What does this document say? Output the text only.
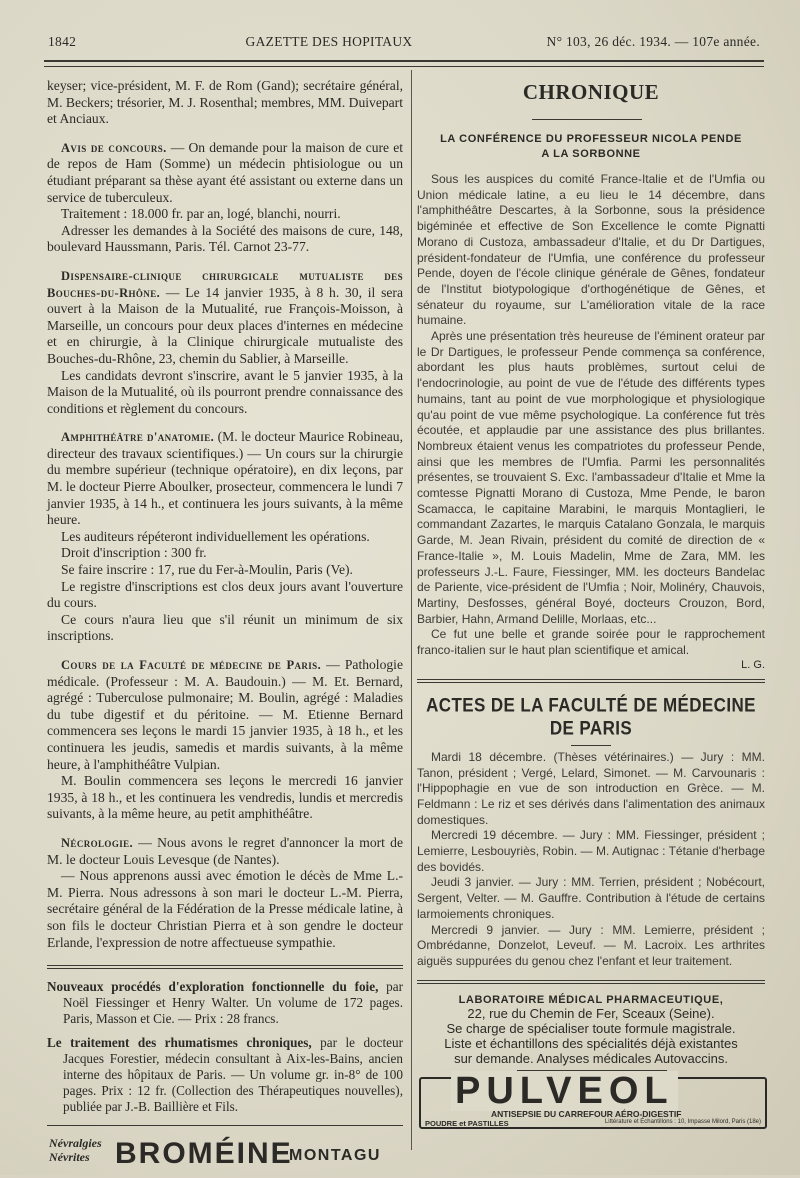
1842	GAZETTE DES HOPITAUX	N° 103, 26 déc. 1934. — 107e année.

keyser; vice-président, M. F. de Rom (Gand); secrétaire général, M. Beckers; trésorier, M. J. Rosenthal; membres, MM. Duivepart et Anciaux.

Avis de concours. — On demande pour la maison de cure et de repos de Ham (Somme) un médecin phtisiologue ou un étudiant préparant sa thèse ayant été assistant ou externe dans un service de tuberculeux.

Traitement : 18.000 fr. par an, logé, blanchi, nourri.

Adresser les demandes à la Société des maisons de cure, 148, boulevard Haussmann, Paris. Tél. Carnot 23-77.

Dispensaire-clinique chirurgicale mutualiste des Bouches-du-Rhône. — Le 14 janvier 1935, à 8 h. 30, il sera ouvert à la Maison de la Mutualité, rue François-Moisson, à Marseille, un concours pour deux places d'internes en médecine et en chirurgie, à la Clinique chirurgicale mutualiste des Bouches-du-Rhône, 23, chemin du Sablier, à Marseille.

Les candidats devront s'inscrire, avant le 5 janvier 1935, à la Maison de la Mutualité, où ils pourront prendre connaissance des conditions et règlement du concours.

Amphithéâtre d'anatomie. (M. le docteur Maurice Robineau, directeur des travaux scientifiques.) — Un cours sur la chirurgie du membre supérieur (technique opératoire), en dix leçons, par M. le docteur Pierre Aboulker, prosecteur, commencera le lundi 7 janvier 1935, à 14 h., et continuera les jours suivants, à la même heure.

Les auditeurs répéteront individuellement les opérations.

Droit d'inscription : 300 fr.

Se faire inscrire : 17, rue du Fer-à-Moulin, Paris (Ve).

Le registre d'inscriptions est clos deux jours avant l'ouverture du cours.

Ce cours n'aura lieu que s'il réunit un minimum de six inscriptions.

Cours de la Faculté de médecine de Paris. — Pathologie médicale. (Professeur : M. A. Baudouin.) — M. Et. Bernard, agrégé : Tuberculose pulmonaire; M. Boulin, agrégé : Maladies du tube digestif et du péritoine. — M. Etienne Bernard commencera ses leçons le mardi 15 janvier 1935, à 18 h., et les continuera les jeudis, samedis et mardis suivants, à la même heure, à l'amphithéâtre Vulpian.

M. Boulin commencera ses leçons le mercredi 16 janvier 1935, à 18 h., et les continuera les vendredis, lundis et mercredis suivants, à la même heure, au petit amphithéâtre.

Nécrologie. — Nous avons le regret d'annoncer la mort de M. le docteur Louis Levesque (de Nantes).

— Nous apprenons aussi avec émotion le décès de Mme L.-M. Pierra. Nous adressons à son mari le docteur L.-M. Pierra, secrétaire général de la Fédération de la Presse médicale latine, à son fils le docteur Christian Pierra et à son gendre le docteur Erlande, l'expression de notre affectueuse sympathie.

Nouveaux procédés d'exploration fonctionnelle du foie, par Noël Fiessinger et Henry Walter. Un volume de 172 pages. Paris, Masson et Cie. — Prix : 28 francs.

Le traitement des rhumatismes chroniques, par le docteur Jacques Forestier, médecin consultant à Aix-les-Bains, ancien interne des hôpitaux de Paris. — Un volume gr. in-8° de 100 pages. Prix : 12 fr. (Collection des Thérapeutiques nouvelles), publiée par J.-B. Baillière et Fils.

Névralgies
Névrites BROMÉINE
MONTAGU
CHRONIQUE
LA CONFÉRENCE DU PROFESSEUR NICOLA PENDE
A LA SORBONNE

Sous les auspices du comité France-Italie et de l'Umfia ou Union médicale latine, a eu lieu le 14 décembre, dans l'amphithéâtre Descartes, à la Sorbonne, sous la présidence bigéminée et effective de Son Excellence le comte Pignatti Morano di Custoza, ambassadeur d'Italie, et du Dr Dartigues, président-fondateur de l'Umfia, une conférence du professeur Pende, doyen de l'école clinique générale de Gênes, fondateur de l'Institut biotypologique d'orthogénétique de Gênes, et sénateur du royaume, sur L'amélioration vitale de la race humaine.

Après une présentation très heureuse de l'éminent orateur par le Dr Dartigues, le professeur Pende commença sa conférence, abordant les plus hauts problèmes, surtout celui de l'endocrinologie, au point de vue de l'étude des différents types humains, tant au point de vue morphologique et physiologique qu'au point de vue même psychologique. La conférence fut très écoutée, et applaudie par une assistance des plus brillantes. Nombreux étaient venus les compatriotes du professeur Pende, ainsi que les membres de l'Umfia. Parmi les personnalités présentes, se trouvaient S. Exc. l'ambassadeur d'Italie et Mme la comtesse Pignatti Morano di Custoza, Mme Pende, le baron Scamacca, le capitaine Marabini, le marquis Montaglieri, le commandant Zazartes, le marquis Catalano Gonzala, le marquis Garde, M. Jean Rivain, président du comité de direction de « France-Italie », M. Louis Madelin, Mme de Zara, MM. les professeurs J.-L. Faure, Fiessinger, MM. les docteurs Bandelac de Pariente, vice-président de l'Umfia ; Noir, Molinéry, Chauvois, Martiny, Desfosses, général Boyé, docteurs Crouzon, Bord, Barbier, Hahn, Armand Delille, Morlaas, etc...

Ce fut une belle et grande soirée pour le rapprochement franco-italien sur le haut plan scientifique et amical.

L. G.
ACTES DE LA FACULTÉ DE MÉDECINE DE PARIS

Mardi 18 décembre. (Thèses vétérinaires.) — Jury : MM. Tanon, président ; Vergé, Lelard, Simonet. — M. Carvounaris : l'Hippophagie en vue de son introduction en Grèce. — M. Feldmann : Le riz et ses dérivés dans l'alimentation des animaux domestiques.

Mercredi 19 décembre. — Jury : MM. Fiessinger, président ; Lemierre, Lesbouyriès, Robin. — M. Autignac : Tétanie d'herbage des bovidés.

Jeudi 3 janvier. — Jury : MM. Terrien, président ; Nobécourt, Sergent, Velter. — M. Gauffre. Contribution à l'étude de certains larmoiements chroniques.

Mercredi 9 janvier. — Jury : MM. Lemierre, président ; Ombrédanne, Donzelot, Leveuf. — M. Lacroix. Les arthrites aiguës suppurées du genou chez l'enfant et leur traitement.

LABORATOIRE MÉDICAL PHARMACEUTIQUE,
22, rue du Chemin de Fer, Sceaux (Seine).
Se charge de spécialiser toute formule magistrale.
Liste et échantillons des spécialités déjà existantes
sur demande. Analyses médicales Autovaccins.
PULVEOL
ANTISEPSIE DU CARREFOUR AÉRO-DIGESTIF
POUDRE et PASTILLES	Littérature et Échantillons : 10, Impasse Milord, Paris (18e)
